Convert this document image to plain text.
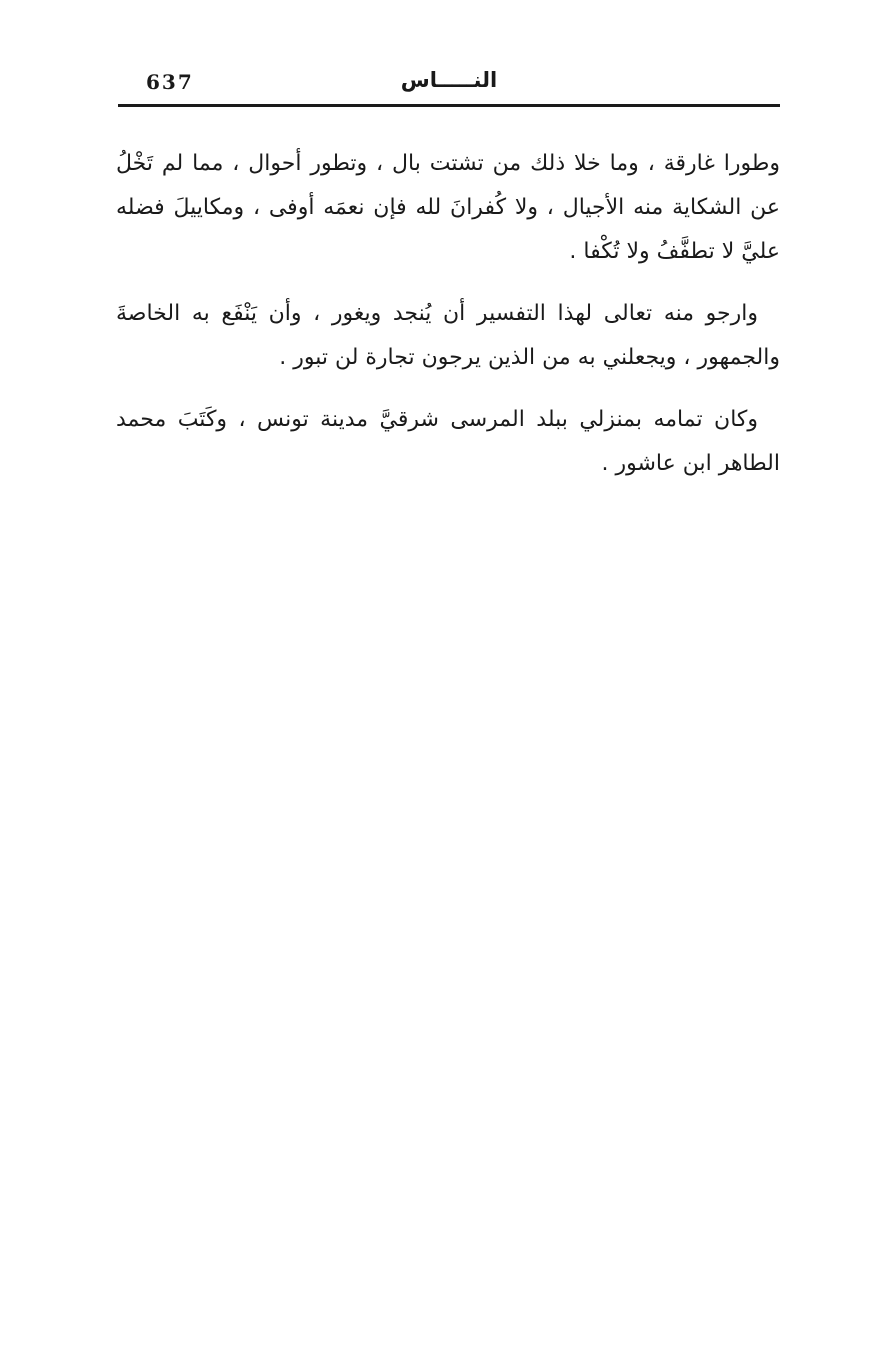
637	النـــــاس

وطورا غارقة ، وما خلا ذلك من تشتت بال ، وتطور أحوال ، مما لم تَخْلُ عن الشكاية منه الأجيال ، ولا كُفرانَ لله فإن نعمَه أوفى ، ومكاييلَ فضله عليَّ لا تطفَّفُ ولا تُكْفا .

وارجو منه تعالى لهذا التفسير أن يُنجد ويغور ، وأن يَنْفَع به الخاصةَ والجمهور ، ويجعلني به من الذين يرجون تجارة لن تبور .

وكان تمامه بمنزلي ببلد المرسى شرقيَّ مدينة تونس ، وكَتَبَ محمد الطاهر ابن عاشور .
